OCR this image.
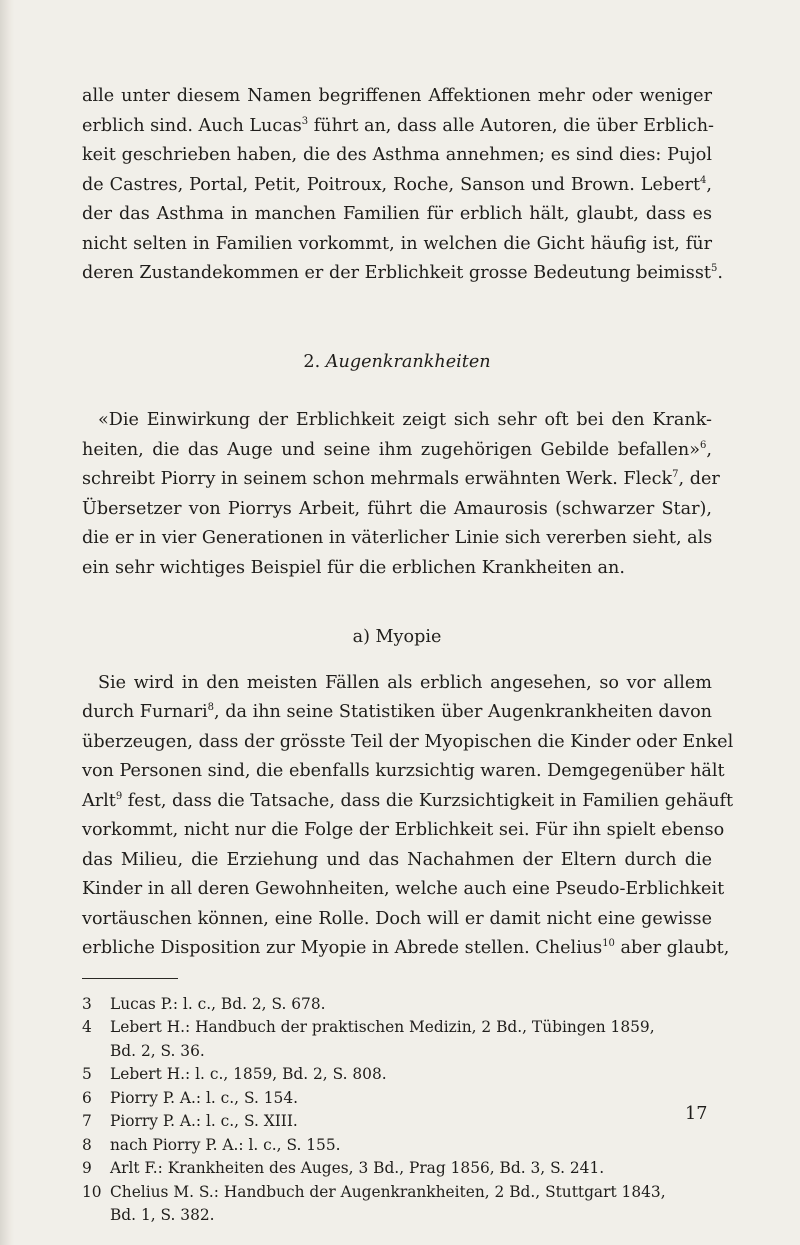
alle unter diesem Namen begriffenen Affektionen mehr oder weniger
erblich sind. Auch Lucas$^3$ führt an, dass alle Autoren, die über Erblich-
keit geschrieben haben, die des Asthma annehmen; es sind dies: Pujol
de Castres, Portal, Petit, Poitroux, Roche, Sanson und Brown. Lebert$^4$,
der das Asthma in manchen Familien für erblich hält, glaubt, dass es
nicht selten in Familien vorkommt, in welchen die Gicht häufig ist, für
deren Zustandekommen er der Erblichkeit grosse Bedeutung beimisst$^5$.

2. Augenkrankheiten

«Die Einwirkung der Erblichkeit zeigt sich sehr oft bei den Krank-
heiten, die das Auge und seine ihm zugehörigen Gebilde befallen»$^6$,
schreibt Piorry in seinem schon mehrmals erwähnten Werk. Fleck$^7$, der
Übersetzer von Piorrys Arbeit, führt die Amaurosis (schwarzer Star),
die er in vier Generationen in väterlicher Linie sich vererben sieht, als
ein sehr wichtiges Beispiel für die erblichen Krankheiten an.

a) Myopie

Sie wird in den meisten Fällen als erblich angesehen, so vor allem
durch Furnari$^8$, da ihn seine Statistiken über Augenkrankheiten davon
überzeugen, dass der grösste Teil der Myopischen die Kinder oder Enkel
von Personen sind, die ebenfalls kurzsichtig waren. Demgegenüber hält
Arlt$^9$ fest, dass die Tatsache, dass die Kurzsichtigkeit in Familien gehäuft
vorkommt, nicht nur die Folge der Erblichkeit sei. Für ihn spielt ebenso
das Milieu, die Erziehung und das Nachahmen der Eltern durch die
Kinder in all deren Gewohnheiten, welche auch eine Pseudo-Erblichkeit
vortäuschen können, eine Rolle. Doch will er damit nicht eine gewisse
erbliche Disposition zur Myopie in Abrede stellen. Chelius$^{10}$ aber glaubt,

3 Lucas P.: l. c., Bd. 2, S. 678.

4 Lebert H.: Handbuch der praktischen Medizin, 2 Bd., Tübingen 1859,

Bd. 2, S. 36.

5 Lebert H.: l. c., 1859, Bd. 2, S. 808.

6 Piorry P. A.: l. c., S. 154.

7 Piorry P. A.: l. c., S. XIII.

8 nach Piorry P. A.: l. c., S. 155.

9 Arlt F.: Krankheiten des Auges, 3 Bd., Prag 1856, Bd. 3, S. 241.

10 Chelius M. S.: Handbuch der Augenkrankheiten, 2 Bd., Stuttgart 1843,

Bd. 1, S. 382.

17
